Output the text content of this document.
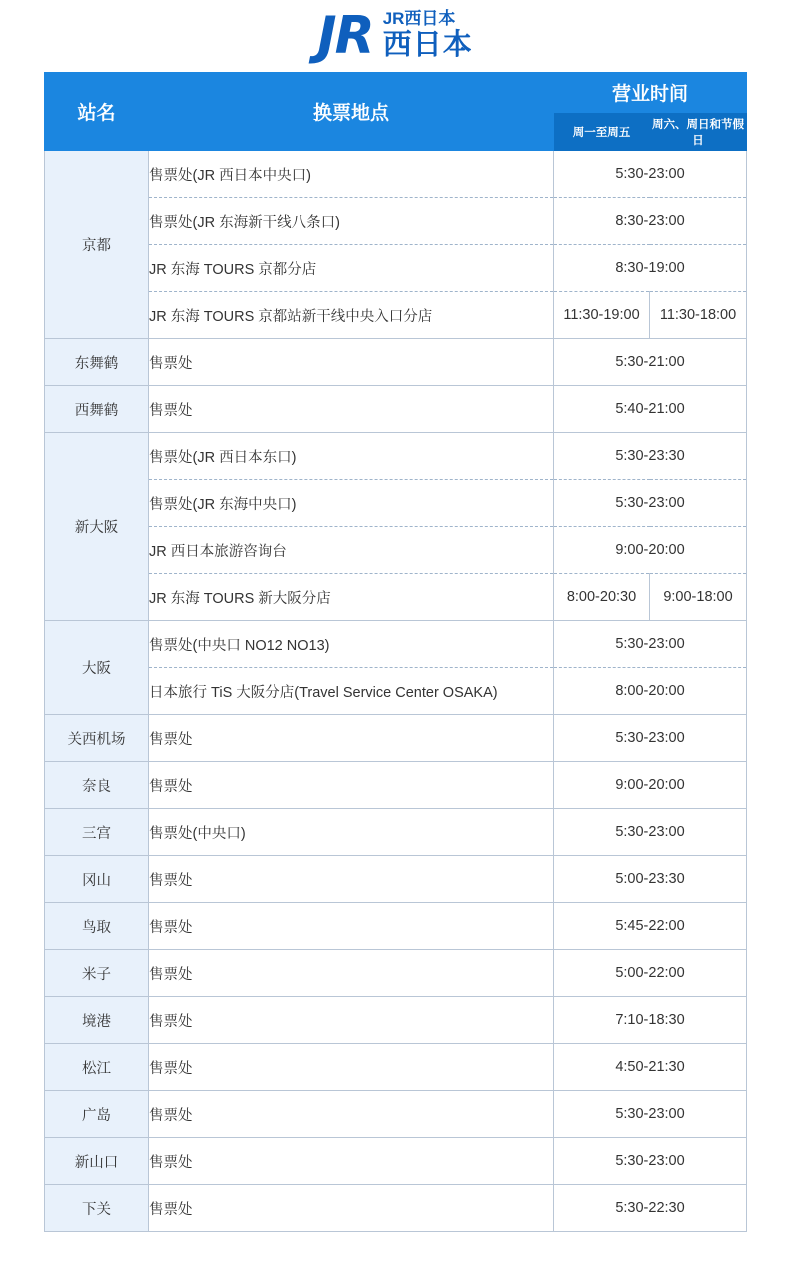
JR JR西日本
西日本
站名	换票地点	营业时间	
		周一至周五	周六、周日和节假日
京都	售票处(JR 西日本中央口)	5:30-23:00	
	售票处(JR 东海新干线八条口)	8:30-23:00	
	JR 东海 TOURS 京都分店	8:30-19:00	
	JR 东海 TOURS 京都站新干线中央入口分店	11:30-19:00	11:30-18:00
东舞鹤	售票处	5:30-21:00	
西舞鹤	售票处	5:40-21:00	
新大阪	售票处(JR 西日本东口)	5:30-23:30	
	售票处(JR 东海中央口)	5:30-23:00	
	JR 西日本旅游咨询台	9:00-20:00	
	JR 东海 TOURS 新大阪分店	8:00-20:30	9:00-18:00
大阪	售票处(中央口 NO12 NO13)	5:30-23:00	
	日本旅行 TiS 大阪分店(Travel Service Center OSAKA)	8:00-20:00	
关西机场	售票处	5:30-23:00	
奈良	售票处	9:00-20:00	
三宫	售票处(中央口)	5:30-23:00	
冈山	售票处	5:00-23:30	
鸟取	售票处	5:45-22:00	
米子	售票处	5:00-22:00	
境港	售票处	7:10-18:30	
松江	售票处	4:50-21:30	
广岛	售票处	5:30-23:00	
新山口	售票处	5:30-23:00	
下关	售票处	5:30-22:30	
